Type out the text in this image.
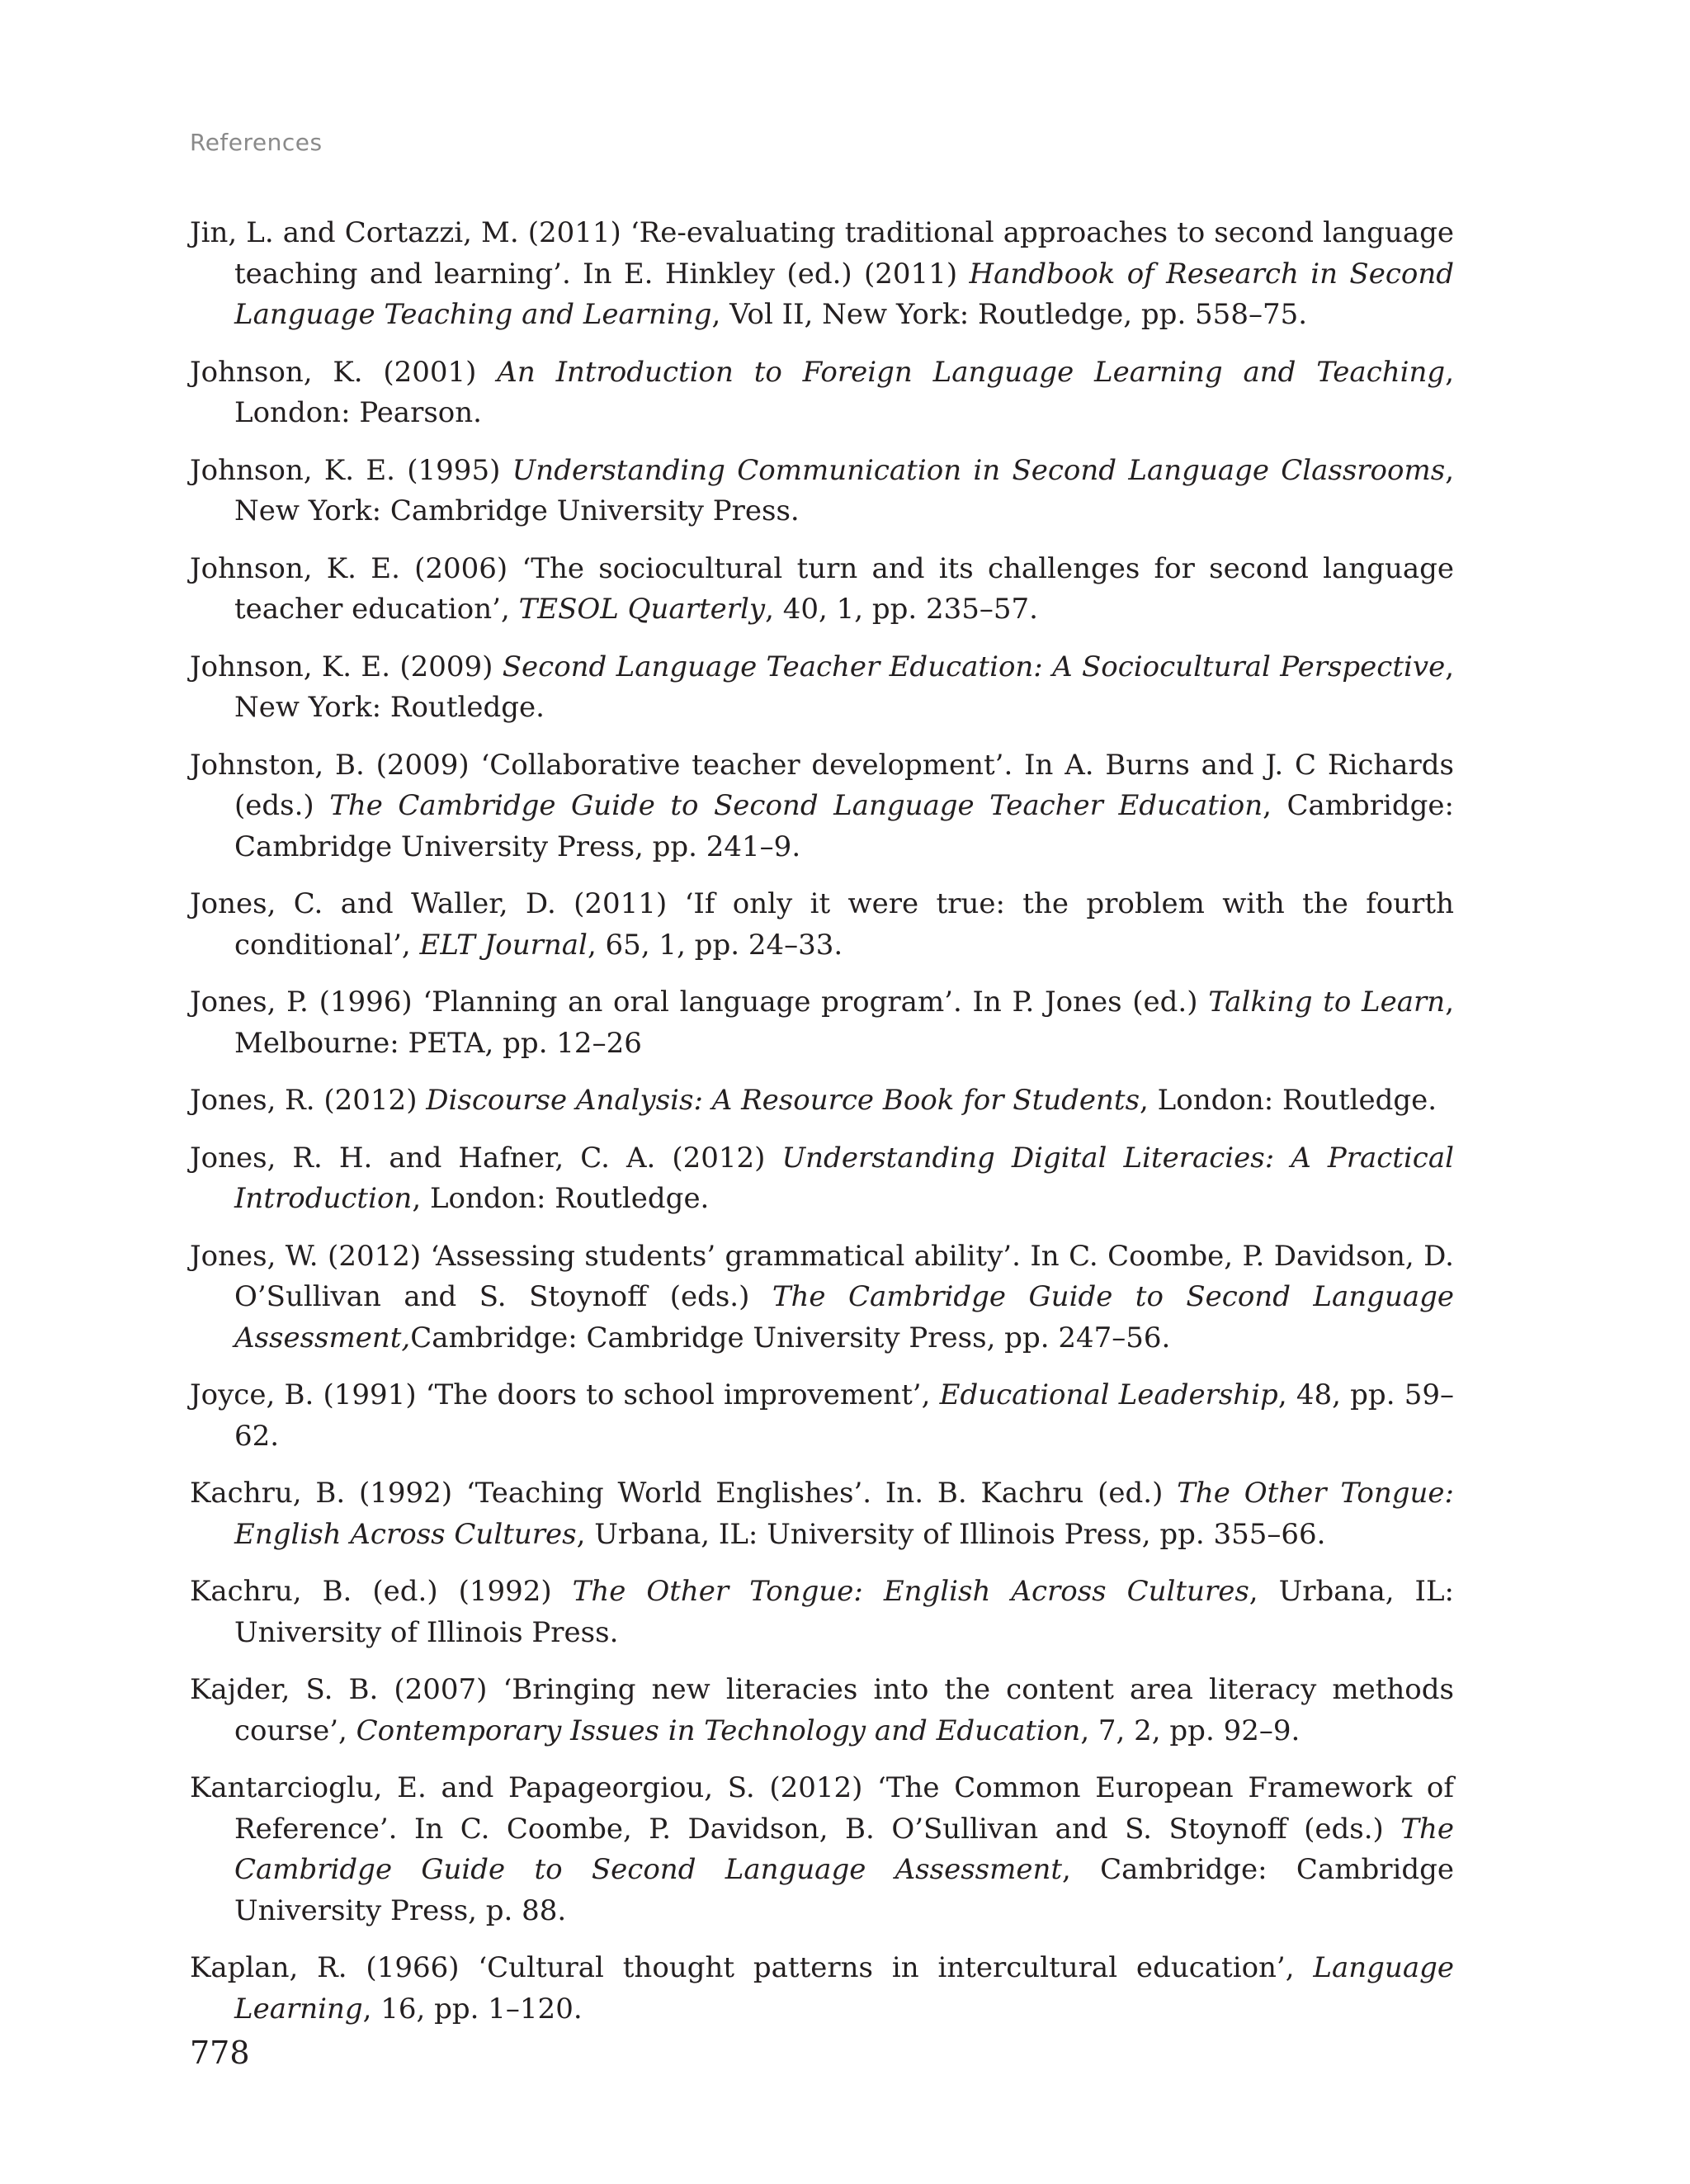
References
Jin, L. and Cortazzi, M. (2011) ‘Re-evaluating traditional approaches to second language teaching and learning’. In E. Hinkley (ed.) (2011) Handbook of Research in Second Language Teaching and Learning, Vol II, New York: Routledge, pp. 558–75.
Johnson, K. (2001) An Introduction to Foreign Language Learning and Teaching, London: Pearson.
Johnson, K. E. (1995) Understanding Communication in Second Language Classrooms, New York: Cambridge University Press.
Johnson, K. E. (2006) ‘The sociocultural turn and its challenges for second language teacher education’, TESOL Quarterly, 40, 1, pp. 235–57.
Johnson, K. E. (2009) Second Language Teacher Education: A Sociocultural Perspective, New York: Routledge.
Johnston, B. (2009) ‘Collaborative teacher development’. In A. Burns and J. C Richards (eds.) The Cambridge Guide to Second Language Teacher Education, Cambridge: Cambridge University Press, pp. 241–9.
Jones, C. and Waller, D. (2011) ‘If only it were true: the problem with the fourth conditional’, ELT Journal, 65, 1, pp. 24–33.
Jones, P. (1996) ‘Planning an oral language program’. In P. Jones (ed.) Talking to Learn, Melbourne: PETA, pp. 12–26
Jones, R. (2012) Discourse Analysis: A Resource Book for Students, London: Routledge.
Jones, R. H. and Hafner, C. A. (2012) Understanding Digital Literacies: A Practical Introduction, London: Routledge.
Jones, W. (2012) ‘Assessing students’ grammatical ability’. In C. Coombe, P. Davidson, D. O’Sullivan and S. Stoynoff (eds.) The Cambridge Guide to Second Language Assessment,Cambridge: Cambridge University Press, pp. 247–56.
Joyce, B. (1991) ‘The doors to school improvement’, Educational Leadership, 48, pp. 59–62.
Kachru, B. (1992) ‘Teaching World Englishes’. In. B. Kachru (ed.) The Other Tongue: English Across Cultures, Urbana, IL: University of Illinois Press, pp. 355–66.
Kachru, B. (ed.) (1992) The Other Tongue: English Across Cultures, Urbana, IL: University of Illinois Press.
Kajder, S. B. (2007) ‘Bringing new literacies into the content area literacy methods course’, Contemporary Issues in Technology and Education, 7, 2, pp. 92–9.
Kantarcioglu, E. and Papageorgiou, S. (2012) ‘The Common European Framework of Reference’. In C. Coombe, P. Davidson, B. O’Sullivan and S. Stoynoff (eds.) The Cambridge Guide to Second Language Assessment, Cambridge: Cambridge University Press, p. 88.
Kaplan, R. (1966) ‘Cultural thought patterns in intercultural education’, Language Learning, 16, pp. 1–120.
778
